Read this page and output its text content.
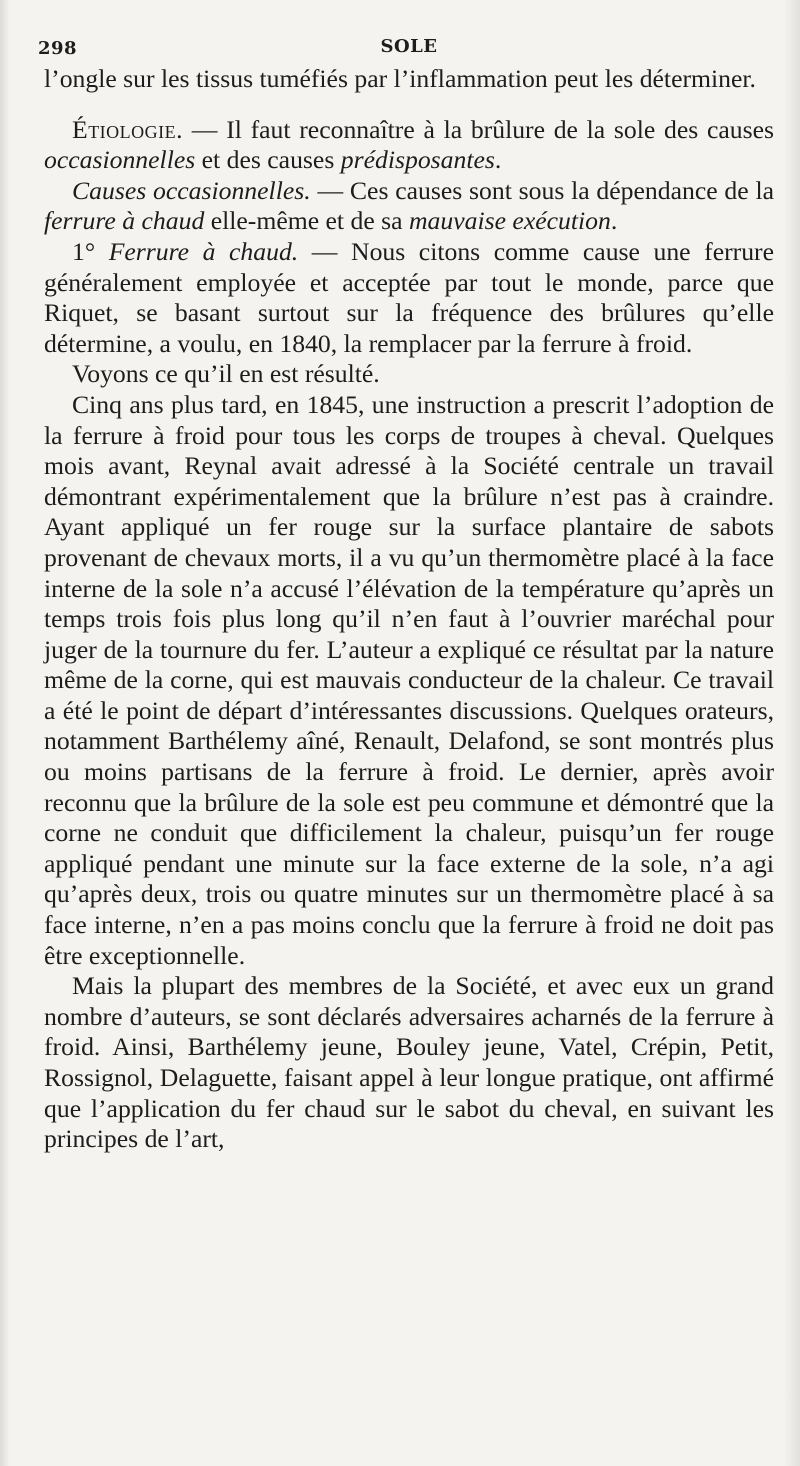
298	SOLE

l’ongle sur les tissus tuméfiés par l’inflammation peut les déterminer.

Étiologie. — Il faut reconnaître à la brûlure de la sole des causes occasionnelles et des causes prédisposantes.

Causes occasionnelles. — Ces causes sont sous la dépendance de la ferrure à chaud elle-même et de sa mauvaise exécution.

1° Ferrure à chaud. — Nous citons comme cause une ferrure généralement employée et acceptée par tout le monde, parce que Riquet, se basant surtout sur la fréquence des brûlures qu’elle détermine, a voulu, en 1840, la remplacer par la ferrure à froid.

Voyons ce qu’il en est résulté.

Cinq ans plus tard, en 1845, une instruction a prescrit l’adoption de la ferrure à froid pour tous les corps de troupes à cheval. Quelques mois avant, Reynal avait adressé à la Société centrale un travail démontrant expérimentalement que la brûlure n’est pas à craindre. Ayant appliqué un fer rouge sur la surface plantaire de sabots provenant de chevaux morts, il a vu qu’un thermomètre placé à la face interne de la sole n’a accusé l’élévation de la température qu’après un temps trois fois plus long qu’il n’en faut à l’ouvrier maréchal pour juger de la tournure du fer. L’auteur a expliqué ce résultat par la nature même de la corne, qui est mauvais conducteur de la chaleur. Ce travail a été le point de départ d’intéressantes discussions. Quelques orateurs, notamment Barthélemy aîné, Renault, Delafond, se sont montrés plus ou moins partisans de la ferrure à froid. Le dernier, après avoir reconnu que la brûlure de la sole est peu commune et démontré que la corne ne conduit que difficilement la chaleur, puisqu’un fer rouge appliqué pendant une minute sur la face externe de la sole, n’a agi qu’après deux, trois ou quatre minutes sur un thermomètre placé à sa face interne, n’en a pas moins conclu que la ferrure à froid ne doit pas être exceptionnelle.

Mais la plupart des membres de la Société, et avec eux un grand nombre d’auteurs, se sont déclarés adversaires acharnés de la ferrure à froid. Ainsi, Barthélemy jeune, Bouley jeune, Vatel, Crépin, Petit, Rossignol, Delaguette, faisant appel à leur longue pratique, ont affirmé que l’application du fer chaud sur le sabot du cheval, en suivant les principes de l’art,
